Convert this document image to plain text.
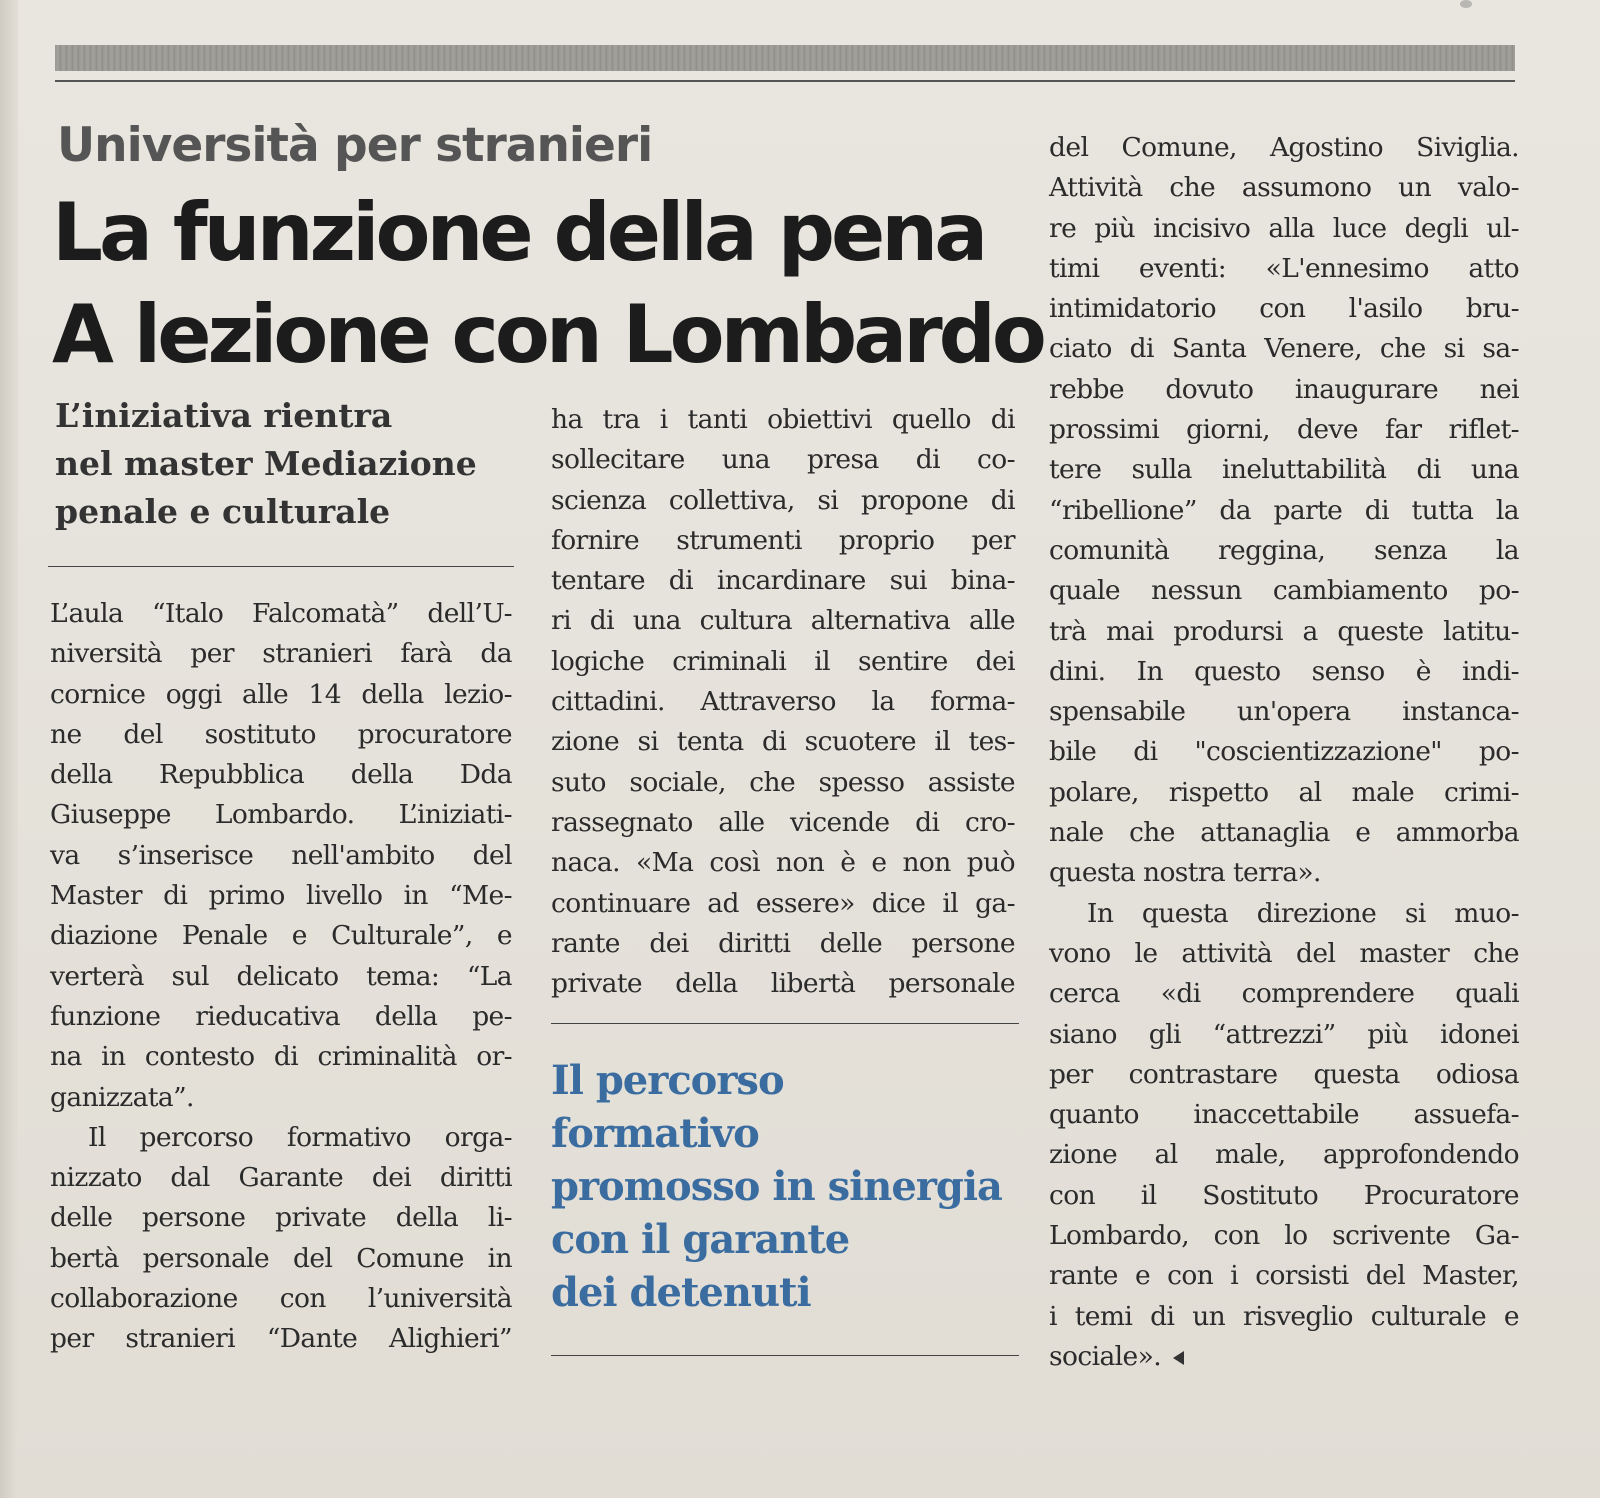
Università per stranieri
La funzione della pena
A lezione con Lombardo
L’iniziativa rientra
nel master Mediazione
penale e culturale
L’aula “Italo Falcomatà” dell’U-
niversità per stranieri farà da
cornice oggi alle 14 della lezio-
ne del sostituto procuratore
della Repubblica della Dda
Giuseppe Lombardo. L’iniziati-
va s’inserisce nell'ambito del
Master di primo livello in “Me-
diazione Penale e Culturale”, e
verterà sul delicato tema: “La
funzione rieducativa della pe-
na in contesto di criminalità or-
ganizzata”.
Il percorso formativo orga-
nizzato dal Garante dei diritti
delle persone private della li-
bertà personale del Comune in
collaborazione con l’università
per stranieri “Dante Alighieri”
ha tra i tanti obiettivi quello di
sollecitare una presa di co-
scienza collettiva, si propone di
fornire strumenti proprio per
tentare di incardinare sui bina-
ri di una cultura alternativa alle
logiche criminali il sentire dei
cittadini. Attraverso la forma-
zione si tenta di scuotere il tes-
suto sociale, che spesso assiste
rassegnato alle vicende di cro-
naca. «Ma così non è e non può
continuare ad essere» dice il ga-
rante dei diritti delle persone
private della libertà personale
Il percorso
formativo
promosso in sinergia
con il garante
dei detenuti
del Comune, Agostino Siviglia.
Attività che assumono un valo-
re più incisivo alla luce degli ul-
timi eventi: «L'ennesimo atto
intimidatorio con l'asilo bru-
ciato di Santa Venere, che si sa-
rebbe dovuto inaugurare nei
prossimi giorni, deve far riflet-
tere sulla ineluttabilità di una
“ribellione” da parte di tutta la
comunità reggina, senza la
quale nessun cambiamento po-
trà mai prodursi a queste latitu-
dini. In questo senso è indi-
spensabile un'opera instanca-
bile di "coscientizzazione" po-
polare, rispetto al male crimi-
nale che attanaglia e ammorba
questa nostra terra».
In questa direzione si muo-
vono le attività del master che
cerca «di comprendere quali
siano gli “attrezzi” più idonei
per contrastare questa odiosa
quanto inaccettabile assuefa-
zione al male, approfondendo
con il Sostituto Procuratore
Lombardo, con lo scrivente Ga-
rante e con i corsisti del Master,
i temi di un risveglio culturale e
sociale».
